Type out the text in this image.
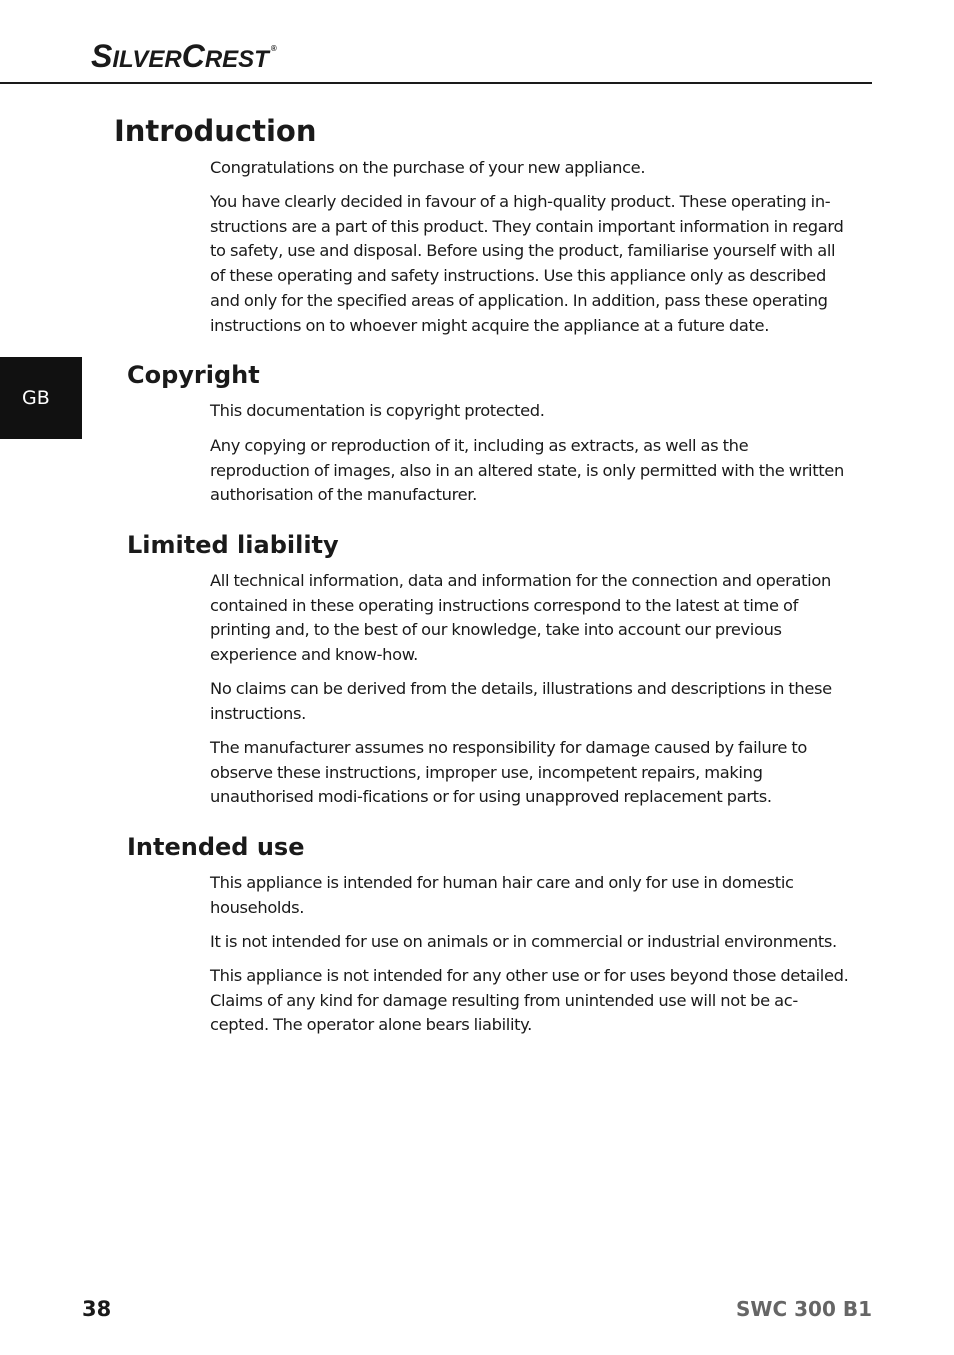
SILVERCREST ®
GB
Introduction

Congratulations on the purchase of your new appliance.

You have clearly decided in favour of a high-quality product. These operating in-structions are a part of this product. They contain important information in regard to safety, use and disposal. Before using the product, familiarise yourself with all of these operating and safety instructions. Use this appliance only as described and only for the specified areas of application. In addition, pass these operating instructions on to whoever might acquire the appliance at a future date.

Copyright

This documentation is copyright protected.

Any copying or reproduction of it, including as extracts, as well as the reproduction of images, also in an altered state, is only permitted with the written authorisation of the manufacturer.

Limited liability

All technical information, data and information for the connection and operation contained in these operating instructions correspond to the latest at time of printing and, to the best of our knowledge, take into account our previous experience and know-how.

No claims can be derived from the details, illustrations and descriptions in these instructions.

The manufacturer assumes no responsibility for damage caused by failure to observe these instructions, improper use, incompetent repairs, making unauthorised modi-fications or for using unapproved replacement parts.

Intended use

This appliance is intended for human hair care and only for use in domestic households.

It is not intended for use on animals or in commercial or industrial environments.

This appliance is not intended for any other use or for uses beyond those detailed. Claims of any kind for damage resulting from unintended use will not be ac-cepted. The operator alone bears liability.

38	SWC 300 B1
